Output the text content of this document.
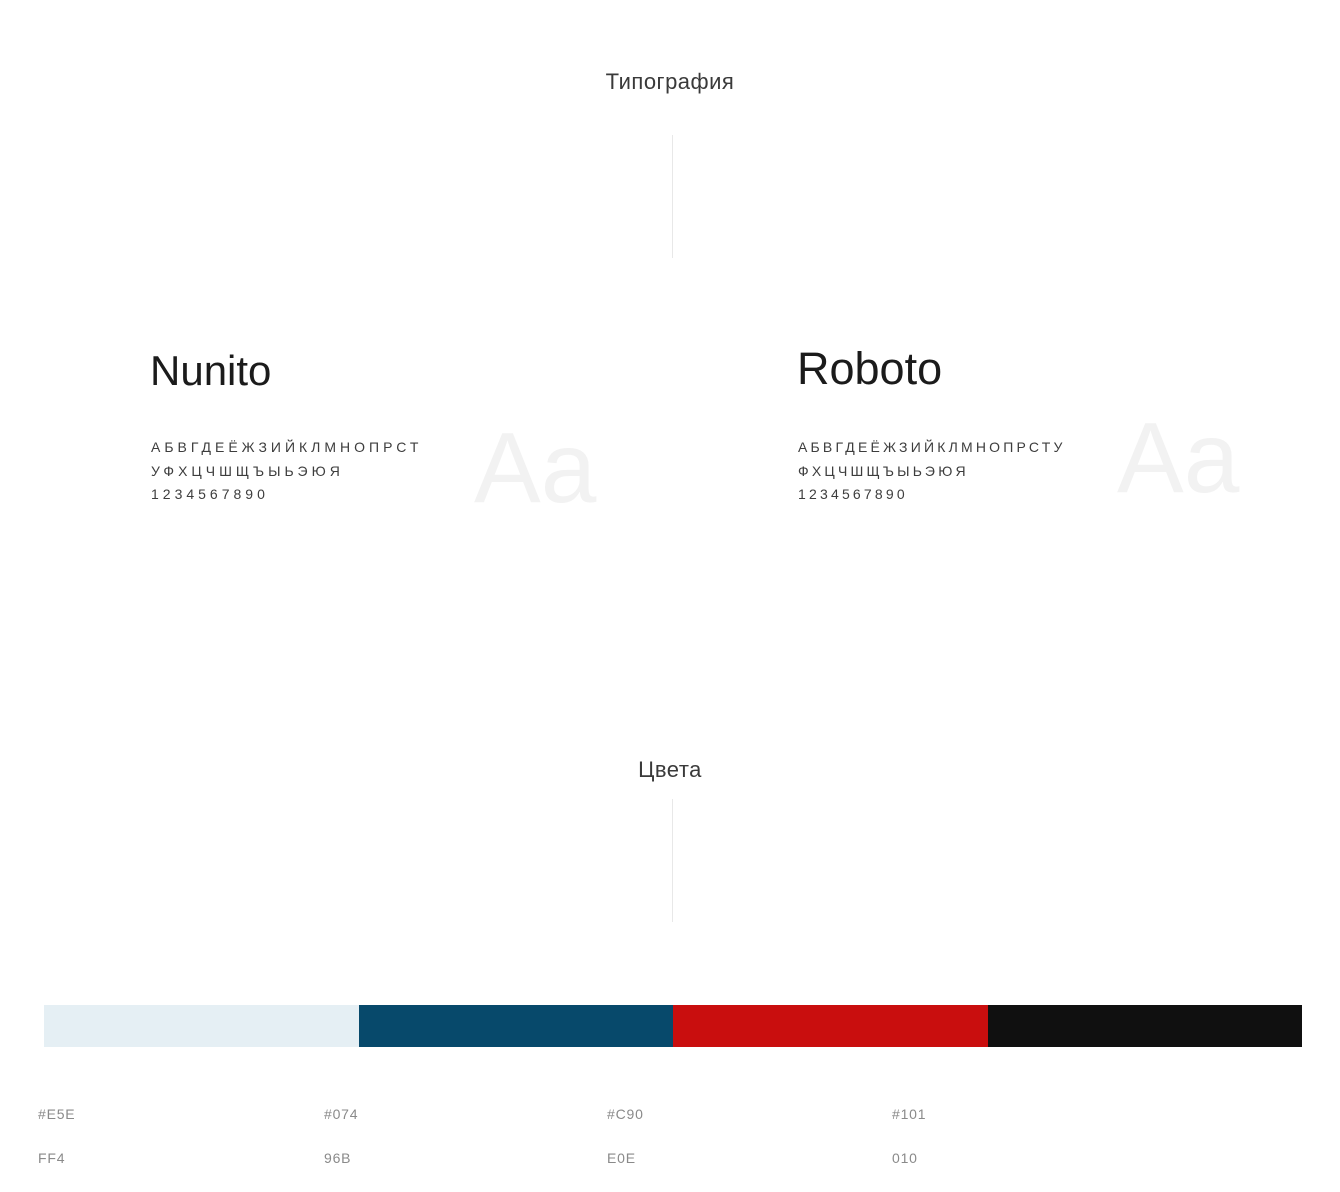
Типография
Nunito
АБВГДЕЁЖЗИЙКЛМНОПРСТ
УФХЦЧШЩЪЫЬЭЮЯ
1234567890	Aa
Roboto
АБВГДЕЁЖЗИЙКЛМНОПРСТУ
ФХЦЧШЩЪЫЬЭЮЯ
1234567890	Aa
Цвета

#E5E

FF4

#074

96B

#C90

E0E

#101

010
